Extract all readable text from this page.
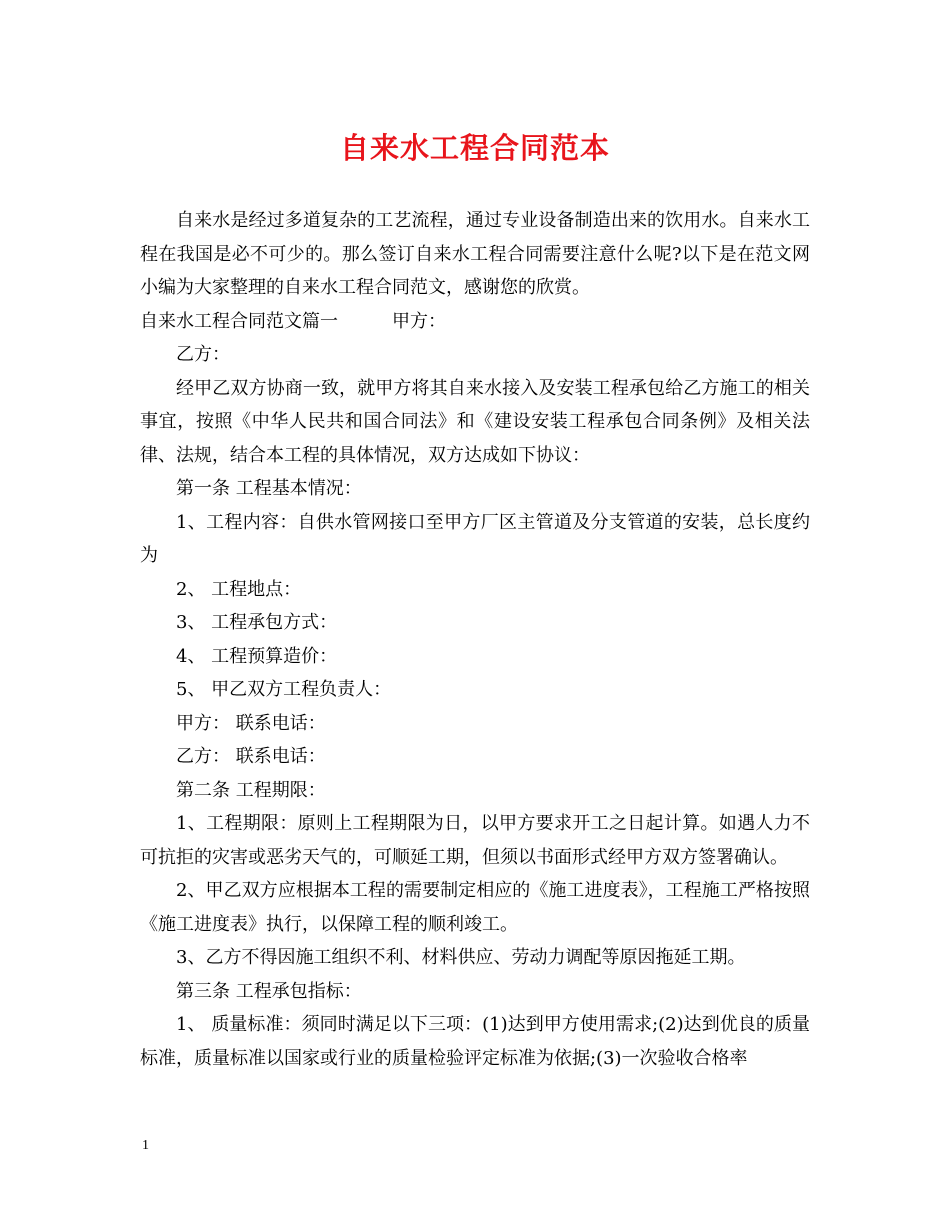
自来水工程合同范本

自来水是经过多道复杂的工艺流程，通过专业设备制造出来的饮用水。自来水工程在我国是必不可少的。那么签订自来水工程合同需要注意什么呢?以下是在范文网小编为大家整理的自来水工程合同范文，感谢您的欣赏。

自来水工程合同范文篇一	甲方：

乙方：

经甲乙双方协商一致，就甲方将其自来水接入及安装工程承包给乙方施工的相关事宜，按照《中华人民共和国合同法》和《建设安装工程承包合同条例》及相关法律、法规，结合本工程的具体情况，双方达成如下协议：

第一条 工程基本情况：

1、工程内容：自供水管网接口至甲方厂区主管道及分支管道的安装，总长度约为

2、 工程地点：

3、 工程承包方式：

4、 工程预算造价：

5、 甲乙双方工程负责人：

甲方： 联系电话：

乙方： 联系电话：

第二条 工程期限：

1、工程期限：原则上工程期限为日，以甲方要求开工之日起计算。如遇人力不可抗拒的灾害或恶劣天气的，可顺延工期，但须以书面形式经甲方双方签署确认。

2、甲乙双方应根据本工程的需要制定相应的《施工进度表》，工程施工严格按照《施工进度表》执行，以保障工程的顺利竣工。

3、乙方不得因施工组织不利、材料供应、劳动力调配等原因拖延工期。

第三条 工程承包指标：

1、 质量标准：须同时满足以下三项：(1)达到甲方使用需求;(2)达到优良的质量标准，质量标准以国家或行业的质量检验评定标准为依据;(3)一次验收合格率

1
